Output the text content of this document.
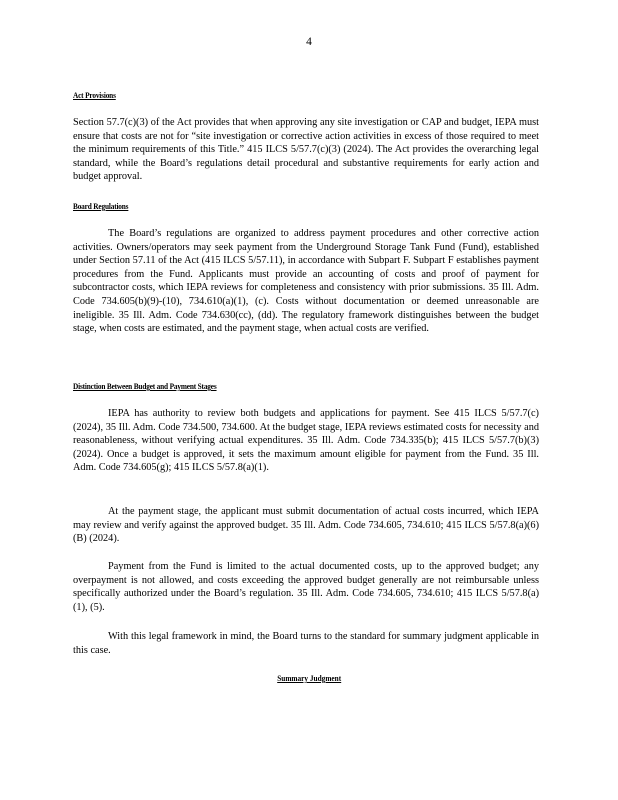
4
Act Provisions
Section 57.7(c)(3) of the Act provides that when approving any site investigation or CAP and budget, IEPA must ensure that costs are not for “site investigation or corrective action activities in excess of those required to meet the minimum requirements of this Title.” 415 ILCS 5/57.7(c)(3) (2024). The Act provides the overarching legal standard, while the Board’s regulations detail procedural and substantive requirements for early action and budget approval.
Board Regulations
The Board’s regulations are organized to address payment procedures and other corrective action activities. Owners/operators may seek payment from the Underground Storage Tank Fund (Fund), established under Section 57.11 of the Act (415 ILCS 5/57.11), in accordance with Subpart F. Subpart F establishes payment procedures from the Fund. Applicants must provide an accounting of costs and proof of payment for subcontractor costs, which IEPA reviews for completeness and consistency with prior submissions. 35 Ill. Adm. Code 734.605(b)(9)-(10), 734.610(a)(1), (c). Costs without documentation or deemed unreasonable are ineligible. 35 Ill. Adm. Code 734.630(cc), (dd). The regulatory framework distinguishes between the budget stage, when costs are estimated, and the payment stage, when actual costs are verified.
Distinction Between Budget and Payment Stages
IEPA has authority to review both budgets and applications for payment. See 415 ILCS 5/57.7(c) (2024), 35 Ill. Adm. Code 734.500, 734.600. At the budget stage, IEPA reviews estimated costs for necessity and reasonableness, without verifying actual expenditures. 35 Ill. Adm. Code 734.335(b); 415 ILCS 5/57.7(b)(3) (2024). Once a budget is approved, it sets the maximum amount eligible for payment from the Fund. 35 Ill. Adm. Code 734.605(g); 415 ILCS 5/57.8(a)(1).
At the payment stage, the applicant must submit documentation of actual costs incurred, which IEPA may review and verify against the approved budget. 35 Ill. Adm. Code 734.605, 734.610; 415 ILCS 5/57.8(a)(6)(B) (2024).
Payment from the Fund is limited to the actual documented costs, up to the approved budget; any overpayment is not allowed, and costs exceeding the approved budget generally are not reimbursable unless specifically authorized under the Board’s regulation. 35 Ill. Adm. Code 734.605, 734.610; 415 ILCS 5/57.8(a)(1), (5).
With this legal framework in mind, the Board turns to the standard for summary judgment applicable in this case.
Summary Judgment
